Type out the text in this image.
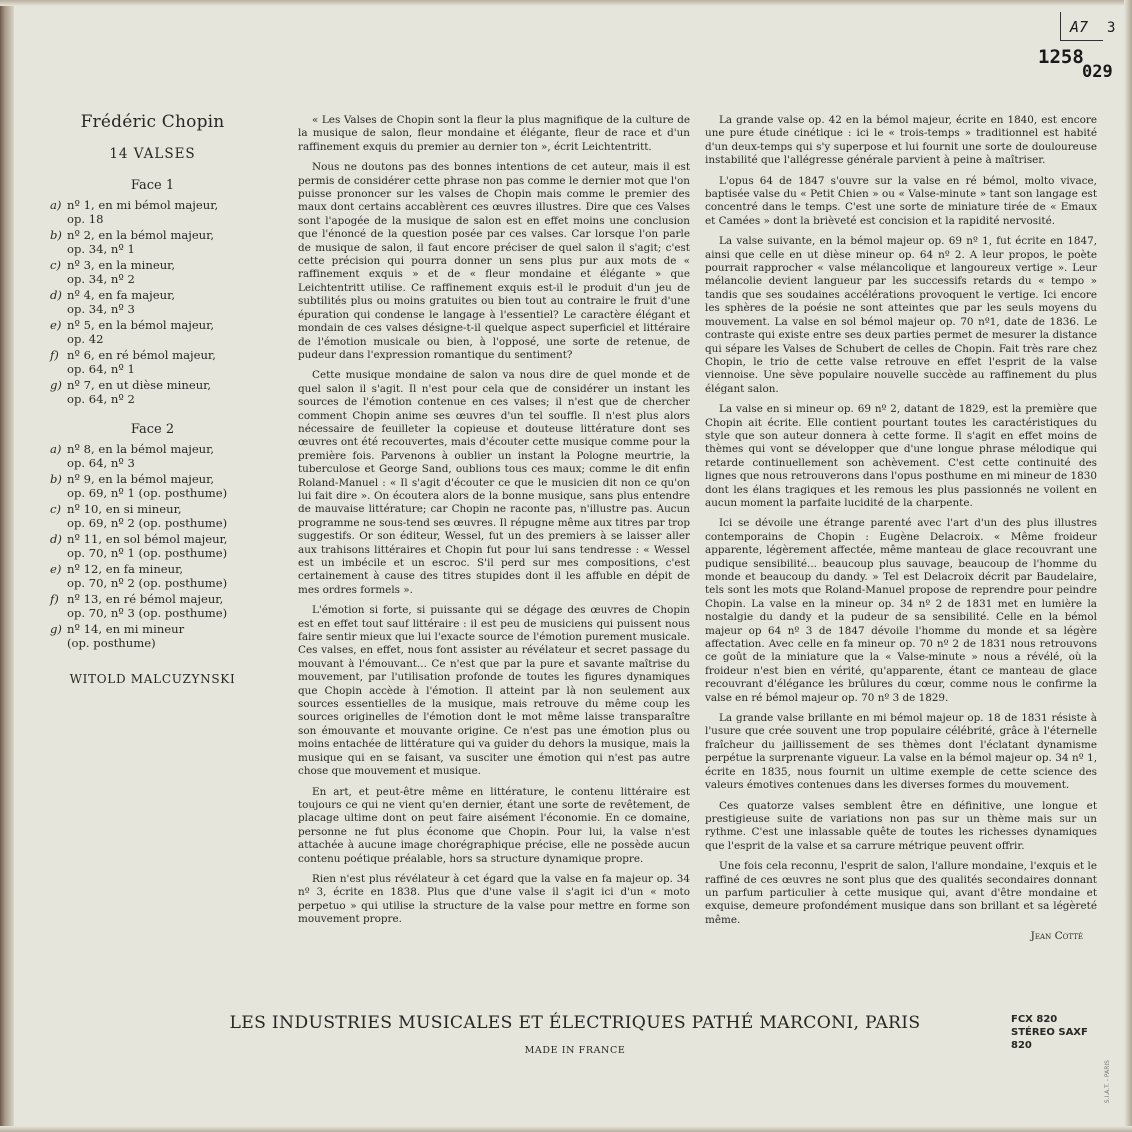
A7 3
1258
029
Frédéric Chopin
14 VALSES
Face 1
a) nº 1, en mi bémol majeur,
op. 18
b) nº 2, en la bémol majeur,
op. 34, nº 1
c) nº 3, en la mineur,
op. 34, nº 2
d) nº 4, en fa majeur,
op. 34, nº 3
e) nº 5, en la bémol majeur,
op. 42
f) nº 6, en ré bémol majeur,
op. 64, nº 1
g) nº 7, en ut dièse mineur,
op. 64, nº 2
Face 2
a) nº 8, en la bémol majeur,
op. 64, nº 3
b) nº 9, en la bémol majeur,
op. 69, nº 1 (op. posthume)
c) nº 10, en si mineur,
op. 69, nº 2 (op. posthume)
d) nº 11, en sol bémol majeur,
op. 70, nº 1 (op. posthume)
e) nº 12, en fa mineur,
op. 70, nº 2 (op. posthume)
f) nº 13, en ré bémol majeur,
op. 70, nº 3 (op. posthume)
g) nº 14, en mi mineur
(op. posthume)
WITOLD MALCUZYNSKI

« Les Valses de Chopin sont la fleur la plus magnifique de la culture de la musique de salon, fleur mondaine et élégante, fleur de race et d'un raffinement exquis du premier au dernier ton », écrit Leichtentritt.

Nous ne doutons pas des bonnes intentions de cet auteur, mais il est permis de considérer cette phrase non pas comme le dernier mot que l'on puisse prononcer sur les valses de Chopin mais comme le premier des maux dont certains accablèrent ces œuvres illustres. Dire que ces Valses sont l'apogée de la musique de salon est en effet moins une conclusion que l'énoncé de la question posée par ces valses. Car lorsque l'on parle de musique de salon, il faut encore préciser de quel salon il s'agit; c'est cette précision qui pourra donner un sens plus pur aux mots de « raffinement exquis » et de « fleur mondaine et élégante » que Leichtentritt utilise. Ce raffinement exquis est-il le produit d'un jeu de subtilités plus ou moins gratuites ou bien tout au contraire le fruit d'une épuration qui condense le langage à l'essentiel? Le caractère élégant et mondain de ces valses désigne-t-il quelque aspect superficiel et littéraire de l'émotion musicale ou bien, à l'opposé, une sorte de retenue, de pudeur dans l'expression romantique du sentiment?

Cette musique mondaine de salon va nous dire de quel monde et de quel salon il s'agit. Il n'est pour cela que de considérer un instant les sources de l'émotion contenue en ces valses; il n'est que de chercher comment Chopin anime ses œuvres d'un tel souffle. Il n'est plus alors nécessaire de feuilleter la copieuse et douteuse littérature dont ses œuvres ont été recouvertes, mais d'écouter cette musique comme pour la première fois. Parvenons à oublier un instant la Pologne meurtrie, la tuberculose et George Sand, oublions tous ces maux; comme le dit enfin Roland-Manuel : « Il s'agit d'écouter ce que le musicien dit non ce qu'on lui fait dire ». On écoutera alors de la bonne musique, sans plus entendre de mauvaise littérature; car Chopin ne raconte pas, n'illustre pas. Aucun programme ne sous-tend ses œuvres. Il répugne même aux titres par trop suggestifs. Or son éditeur, Wessel, fut un des premiers à se laisser aller aux trahisons littéraires et Chopin fut pour lui sans tendresse : « Wessel est un imbécile et un escroc. S'il perd sur mes compositions, c'est certainement à cause des titres stupides dont il les affuble en dépit de mes ordres formels ».

L'émotion si forte, si puissante qui se dégage des œuvres de Chopin est en effet tout sauf littéraire : il est peu de musiciens qui puissent nous faire sentir mieux que lui l'exacte source de l'émotion purement musicale. Ces valses, en effet, nous font assister au révélateur et secret passage du mouvant à l'émouvant... Ce n'est que par la pure et savante maîtrise du mouvement, par l'utilisation profonde de toutes les figures dynamiques que Chopin accède à l'émotion. Il atteint par là non seulement aux sources essentielles de la musique, mais retrouve du même coup les sources originelles de l'émotion dont le mot même laisse transparaître son émouvante et mouvante origine. Ce n'est pas une émotion plus ou moins entachée de littérature qui va guider du dehors la musique, mais la musique qui en se faisant, va susciter une émotion qui n'est pas autre chose que mouvement et musique.

En art, et peut-être même en littérature, le contenu littéraire est toujours ce qui ne vient qu'en dernier, étant une sorte de revêtement, de placage ultime dont on peut faire aisément l'économie. En ce domaine, personne ne fut plus économe que Chopin. Pour lui, la valse n'est attachée à aucune image chorégraphique précise, elle ne possède aucun contenu poétique préalable, hors sa structure dynamique propre.

Rien n'est plus révélateur à cet égard que la valse en fa majeur op. 34 nº 3, écrite en 1838. Plus que d'une valse il s'agit ici d'un « moto perpetuo » qui utilise la structure de la valse pour mettre en forme son mouvement propre.

La grande valse op. 42 en la bémol majeur, écrite en 1840, est encore une pure étude cinétique : ici le « trois-temps » traditionnel est habité d'un deux-temps qui s'y superpose et lui fournit une sorte de douloureuse instabilité que l'allégresse générale parvient à peine à maîtriser.

L'opus 64 de 1847 s'ouvre sur la valse en ré bémol, molto vivace, baptisée valse du « Petit Chien » ou « Valse-minute » tant son langage est concentré dans le temps. C'est une sorte de miniature tirée de « Emaux et Camées » dont la brièveté est concision et la rapidité nervosité.

La valse suivante, en la bémol majeur op. 69 nº 1, fut écrite en 1847, ainsi que celle en ut dièse mineur op. 64 nº 2. A leur propos, le poète pourrait rapprocher « valse mélancolique et langoureux vertige ». Leur mélancolie devient langueur par les successifs retards du « tempo » tandis que ses soudaines accélérations provoquent le vertige. Ici encore les sphères de la poésie ne sont atteintes que par les seuls moyens du mouvement. La valse en sol bémol majeur op. 70 nº1, date de 1836. Le contraste qui existe entre ses deux parties permet de mesurer la distance qui sépare les Valses de Schubert de celles de Chopin. Fait très rare chez Chopin, le trio de cette valse retrouve en effet l'esprit de la valse viennoise. Une sève populaire nouvelle succède au raffinement du plus élégant salon.

La valse en si mineur op. 69 nº 2, datant de 1829, est la première que Chopin ait écrite. Elle contient pourtant toutes les caractéristiques du style que son auteur donnera à cette forme. Il s'agit en effet moins de thèmes qui vont se développer que d'une longue phrase mélodique qui retarde continuellement son achèvement. C'est cette continuité des lignes que nous retrouverons dans l'opus posthume en mi mineur de 1830 dont les élans tragiques et les remous les plus passionnés ne voilent en aucun moment la parfaite lucidité de la charpente.

Ici se dévoile une étrange parenté avec l'art d'un des plus illustres contemporains de Chopin : Eugène Delacroix. « Même froideur apparente, légèrement affectée, même manteau de glace recouvrant une pudique sensibilité... beaucoup plus sauvage, beaucoup de l'homme du monde et beaucoup du dandy. » Tel est Delacroix décrit par Baudelaire, tels sont les mots que Roland-Manuel propose de reprendre pour peindre Chopin. La valse en la mineur op. 34 nº 2 de 1831 met en lumière la nostalgie du dandy et la pudeur de sa sensibilité. Celle en la bémol majeur op 64 nº 3 de 1847 dévoile l'homme du monde et sa légère affectation. Avec celle en fa mineur op. 70 nº 2 de 1831 nous retrouvons ce goût de la miniature que la « Valse-minute » nous a révélé, où la froideur n'est bien en vérité, qu'apparente, étant ce manteau de glace recouvrant d'élégance les brûlures du cœur, comme nous le confirme la valse en ré bémol majeur op. 70 nº 3 de 1829.

La grande valse brillante en mi bémol majeur op. 18 de 1831 résiste à l'usure que crée souvent une trop populaire célébrité, grâce à l'éternelle fraîcheur du jaillissement de ses thèmes dont l'éclatant dynamisme perpétue la surprenante vigueur. La valse en la bémol majeur op. 34 nº 1, écrite en 1835, nous fournit un ultime exemple de cette science des valeurs émotives contenues dans les diverses formes du mouvement.

Ces quatorze valses semblent être en définitive, une longue et prestigieuse suite de variations non pas sur un thème mais sur un rythme. C'est une inlassable quête de toutes les richesses dynamiques que l'esprit de la valse et sa carrure métrique peuvent offrir.

Une fois cela reconnu, l'esprit de salon, l'allure mondaine, l'exquis et le raffiné de ces œuvres ne sont plus que des qualités secondaires donnant un parfum particulier à cette musique qui, avant d'être mondaine et exquise, demeure profondément musique dans son brillant et sa légèreté même.

Jean Cotté
LES INDUSTRIES MUSICALES ET ÉLECTRIQUES PATHÉ MARCONI, PARIS
MADE IN FRANCE
FCX 820
STÉREO SAXF 820
S.I.A.T. - PARIS
